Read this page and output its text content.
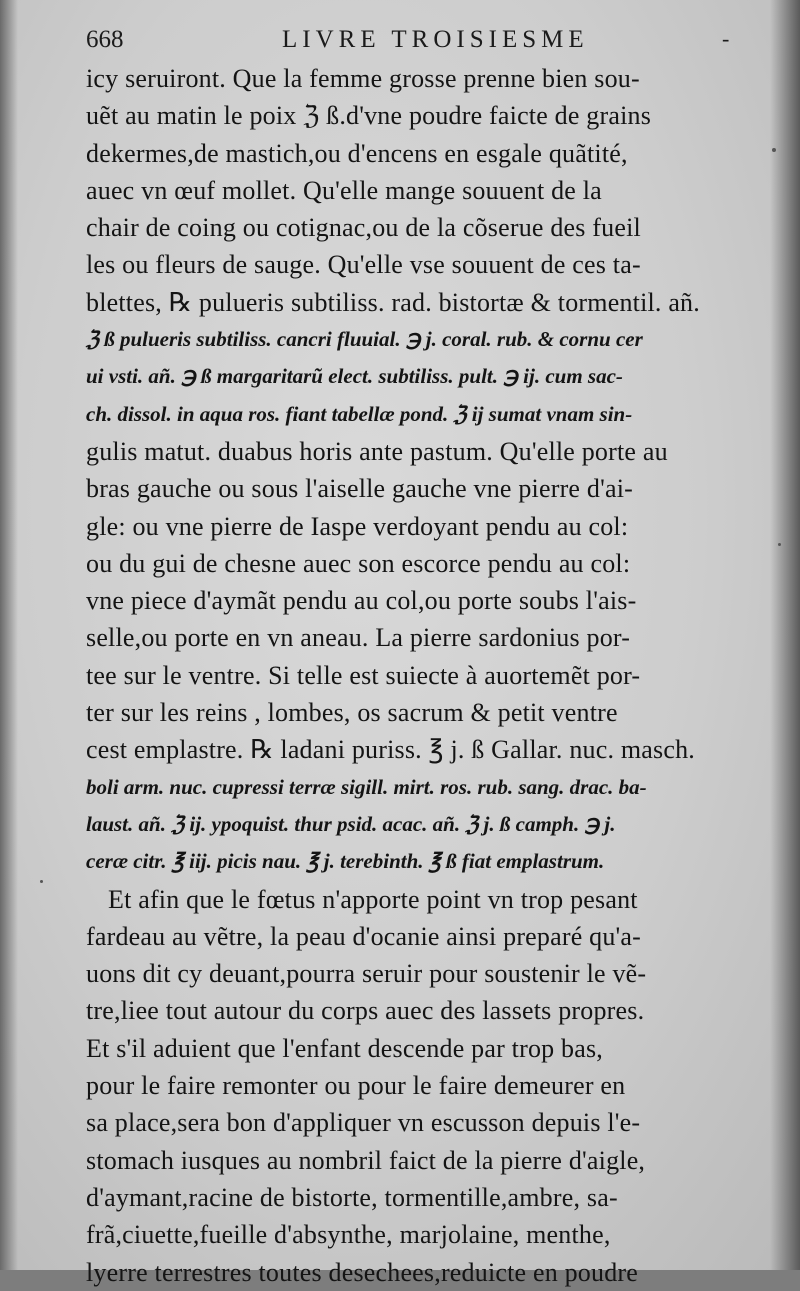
668	LIVRE TROISIESME	-
icy seruiront. Que la femme grosse prenne bien sou-
uẽt au matin le poix ℨ ß.d'vne poudre faicte de grains
dekermes,de mastich,ou d'encens en esgale quãtité,
auec vn œuf mollet. Qu'elle mange souuent de la
chair de coing ou cotignac,ou de la cõserue des fueil
les ou fleurs de sauge. Qu'elle vse souuent de ces ta-
blettes, ℞ pulueris subtiliss. rad. bistortæ & tormentil. añ.
ℨ ß pulueris subtiliss. cancri fluuial. ℈ j. coral. rub. & cornu cer
ui vsti. añ. ℈ ß margaritarũ elect. subtiliss. pult. ℈ ij. cum sac-
ch. dissol. in aqua ros. fiant tabellæ pond. ℨ ij sumat vnam sin-
gulis matut. duabus horis ante pastum. Qu'elle porte au
bras gauche ou sous l'aiselle gauche vne pierre d'ai-
gle: ou vne pierre de Iaspe verdoyant pendu au col:
ou du gui de chesne auec son escorce pendu au col:
vne piece d'aymãt pendu au col,ou porte soubs l'ais-
selle,ou porte en vn aneau. La pierre sardonius por-
tee sur le ventre. Si telle est suiecte à auortemẽt por-
ter sur les reins , lombes, os sacrum & petit ventre
cest emplastre. ℞ ladani puriss. ℥ j. ß Gallar. nuc. masch.
boli arm. nuc. cupressi terræ sigill. mirt. ros. rub. sang. drac. ba-
laust. añ. ℨ ij. ypoquist. thur psid. acac. añ. ℨ j. ß camph. ℈ j.
ceræ citr. ℥ iij. picis nau. ℥ j. terebinth. ℥ ß fiat emplastrum.
Et afin que le fœtus n'apporte point vn trop pesant
fardeau au vẽtre, la peau d'ocanie ainsi preparé qu'a-
uons dit cy deuant,pourra seruir pour soustenir le vẽ-
tre,liee tout autour du corps auec des lassets propres.
Et s'il aduient que l'enfant descende par trop bas,
pour le faire remonter ou pour le faire demeurer en
sa place,sera bon d'appliquer vn escusson depuis l'e-
stomach iusques au nombril faict de la pierre d'aigle,
d'aymant,racine de bistorte, tormentille,ambre, sa-
frã,ciuette,fueille d'absynthe, marjolaine, menthe,
lyerre terrestres toutes desechees,reduicte en poudre
